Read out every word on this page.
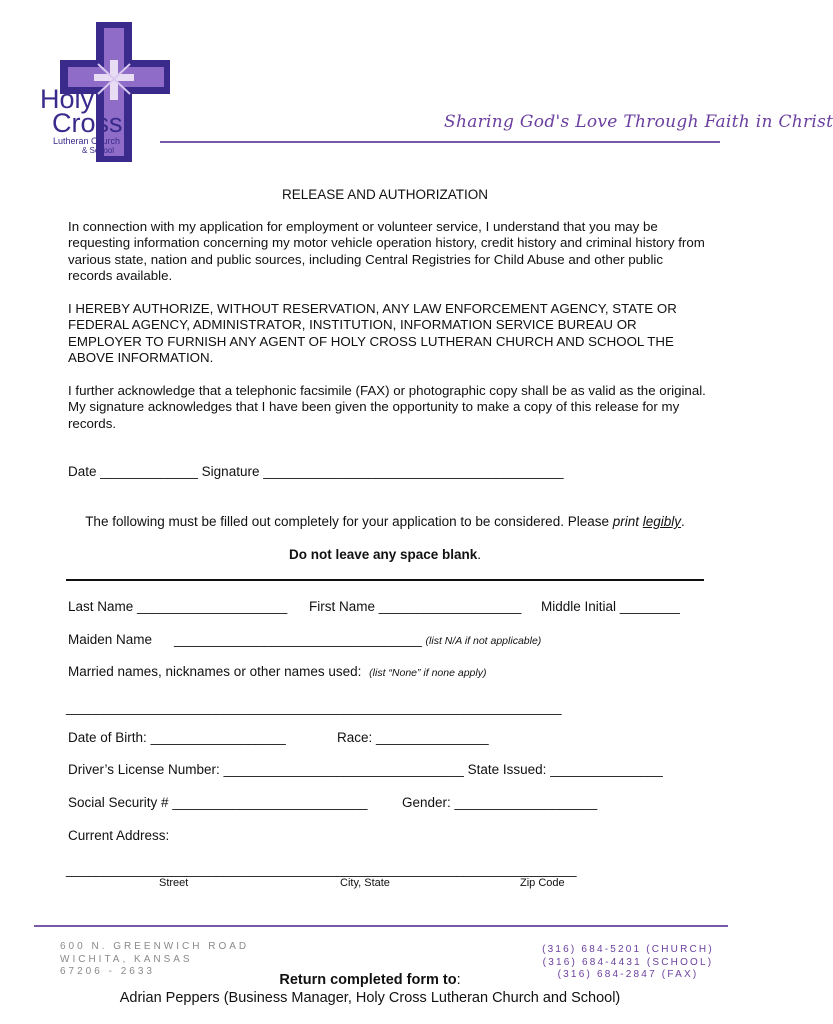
Holy
Cross
Lutheran Church
& School
Sharing God's Love Through Faith in Christ
RELEASE AND AUTHORIZATION
In connection with my application for employment or volunteer service, I understand that you may be requesting information concerning my motor vehicle operation history, credit history and criminal history from various state, nation and public sources, including Central Registries for Child Abuse and other public records available.
I HEREBY AUTHORIZE, WITHOUT RESERVATION, ANY LAW ENFORCEMENT AGENCY, STATE OR FEDERAL AGENCY, ADMINISTRATOR, INSTITUTION, INFORMATION SERVICE BUREAU OR EMPLOYER TO FURNISH ANY AGENT OF HOLY CROSS LUTHERAN CHURCH AND SCHOOL THE ABOVE INFORMATION.
I further acknowledge that a telephonic facsimile (FAX) or photographic copy shall be as valid as the original. My signature acknowledges that I have been given the opportunity to make a copy of this release for my records.
Date _____________ Signature ________________________________________
The following must be filled out completely for your application to be considered. Please print legibly.
Do not leave any space blank.
Last Name ____________________ First Name ___________________ Middle Initial ________
Maiden Name _________________________________ (list N/A if not applicable)
Married names, nicknames or other names used: (list “None” if none apply)
__________________________________________________________________
Date of Birth: __________________	Race: _______________
Driver’s License Number: ________________________________ State Issued: _______________
Social Security # __________________________	Gender: ___________________
Current Address:
____________________________________________________________________
Street	City, State	Zip Code
600 N. GREENWICH ROAD
WICHITA, KANSAS
67206 - 2633
(316) 684-5201 (CHURCH)
(316) 684-4431 (SCHOOL)
(316) 684-2847 (FAX)
Return completed form to:
Adrian Peppers (Business Manager, Holy Cross Lutheran Church and School)
